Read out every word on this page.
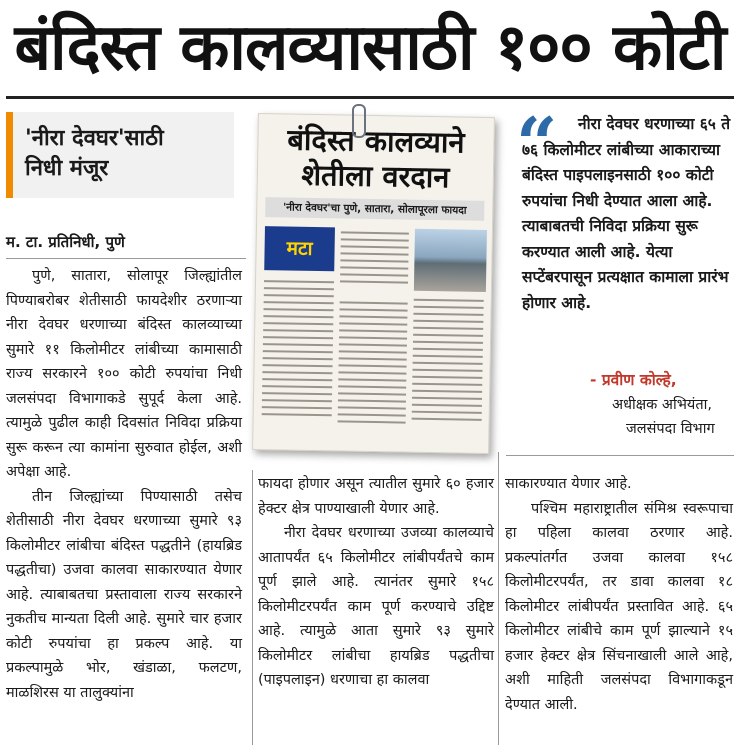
बंदिस्त कालव्यासाठी १०० कोटी
'नीरा देवघर'साठी
निधी मंजूर
म. टा. प्रतिनिधी, पुणे

पुणे, सातारा, सोलापूर जिल्ह्यांतील पिण्याबरोबर शेतीसाठी फायदेशीर ठरणाऱ्या नीरा देवघर धरणाच्या बंदिस्त कालव्याच्या सुमारे ११ किलोमीटर लांबीच्या कामासाठी राज्य सरकारने १०० कोटी रुपयांचा निधी जलसंपदा विभागाकडे सुपूर्द केला आहे. त्यामुळे पुढील काही दिवसांत निविदा प्रक्रिया सुरू करून त्या कामांना सुरुवात होईल, अशी अपेक्षा आहे.

तीन जिल्ह्यांच्या पिण्यासाठी तसेच शेतीसाठी नीरा देवघर धरणाच्या सुमारे ९३ किलोमीटर लांबीचा बंदिस्त पद्धतीने (हायब्रिड पद्धतीचा) उजवा कालवा साकारण्यात येणार आहे. त्याबाबतचा प्रस्तावाला राज्य सरकारने नुकतीच मान्यता दिली आहे. सुमारे चार हजार कोटी रुपयांचा हा प्रकल्प आहे. या प्रकल्पामुळे भोर, खंडाळा, फलटण, माळशिरस या तालुक्यांना

फायदा होणार असून त्यातील सुमारे ६० हजार हेक्टर क्षेत्र पाण्याखाली येणार आहे.

नीरा देवघर धरणाच्या उजव्या कालव्याचे आतापर्यंत ६५ किलोमीटर लांबीपर्यंतचे काम पूर्ण झाले आहे. त्यानंतर सुमारे १५८ किलोमीटरपर्यंत काम पूर्ण करण्याचे उद्दिष्ट आहे. त्यामुळे आता सुमारे ९३ सुमारे किलोमीटर लांबीचा हायब्रिड पद्धतीचा (पाइपलाइन) धरणाचा हा कालवा

साकारण्यात येणार आहे.

पश्चिम महाराष्ट्रातील संमिश्र स्वरूपाचा हा पहिला कालवा ठरणार आहे. प्रकल्पांतर्गत उजवा कालवा १५८ किलोमीटरपर्यंत, तर डावा कालवा १८ किलोमीटर लांबीपर्यंत प्रस्तावित आहे. ६५ किलोमीटर लांबीचे काम पूर्ण झाल्याने १५ हजार हेक्टर क्षेत्र सिंचनाखाली आले आहे, अशी माहिती जलसंपदा विभागाकडून देण्यात आली.

बंदिस्त कालव्याने
शेतीला वरदान
'नीरा देवघर'चा पुणे, सातारा, सोलापूरला फायदा
मटा
“	नीरा देवघर धरणाच्या ६५ ते ७६ किलोमीटर लांबीच्या आकाराच्या बंदिस्त पाइपलाइनसाठी १०० कोटी रुपयांचा निधी देण्यात आला आहे. त्याबाबतची निविदा प्रक्रिया सुरू करण्यात आली आहे. येत्या सप्टेंबरपासून प्रत्यक्षात कामाला प्रारंभ होणार आहे.
- प्रवीण कोल्हे,
अधीक्षक अभियंता,
जलसंपदा विभाग
